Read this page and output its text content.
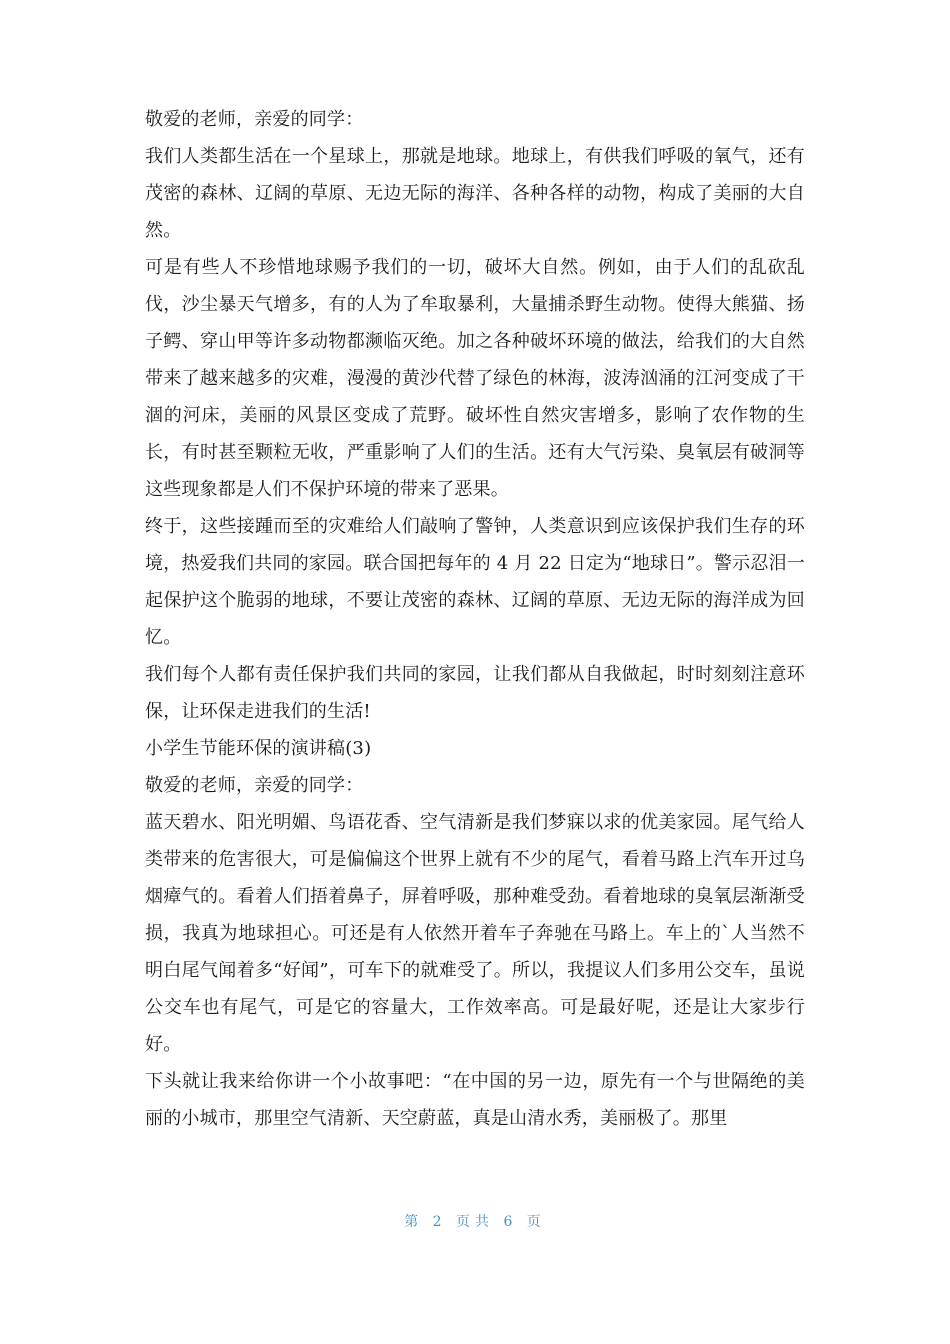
敬爱的老师，亲爱的同学：

我们人类都生活在一个星球上，那就是地球。地球上，有供我们呼吸的氧气，还有茂密的森林、辽阔的草原、无边无际的海洋、各种各样的动物，构成了美丽的大自然。

可是有些人不珍惜地球赐予我们的一切，破坏大自然。例如，由于人们的乱砍乱伐，沙尘暴天气增多，有的人为了牟取暴利，大量捕杀野生动物。使得大熊猫、扬子鳄、穿山甲等许多动物都濒临灭绝。加之各种破坏环境的做法，给我们的大自然带来了越来越多的灾难，漫漫的黄沙代替了绿色的林海，波涛汹涌的江河变成了干涸的河床，美丽的风景区变成了荒野。破坏性自然灾害增多，影响了农作物的生长，有时甚至颗粒无收，严重影响了人们的生活。还有大气污染、臭氧层有破洞等这些现象都是人们不保护环境的带来了恶果。

终于，这些接踵而至的灾难给人们敲响了警钟，人类意识到应该保护我们生存的环境，热爱我们共同的家园。联合国把每年的 4 月 22 日定为“地球日”。警示忍泪一起保护这个脆弱的地球，不要让茂密的森林、辽阔的草原、无边无际的海洋成为回忆。

我们每个人都有责任保护我们共同的家园，让我们都从自我做起，时时刻刻注意环保，让环保走进我们的生活!

小学生节能环保的演讲稿(3)

敬爱的老师，亲爱的同学：

蓝天碧水、阳光明媚、鸟语花香、空气清新是我们梦寐以求的优美家园。尾气给人类带来的危害很大，可是偏偏这个世界上就有不少的尾气，看着马路上汽车开过乌烟瘴气的。看着人们捂着鼻子，屏着呼吸，那种难受劲。看着地球的臭氧层渐渐受损，我真为地球担心。可还是有人依然开着车子奔驰在马路上。车上的`人当然不明白尾气闻着多“好闻”，可车下的就难受了。所以，我提议人们多用公交车，虽说公交车也有尾气，可是它的容量大，工作效率高。可是最好呢，还是让大家步行好。

下头就让我来给你讲一个小故事吧：“在中国的另一边，原先有一个与世隔绝的美丽的小城市，那里空气清新、天空蔚蓝，真是山清水秀，美丽极了。那里

第 2 页共 6 页
